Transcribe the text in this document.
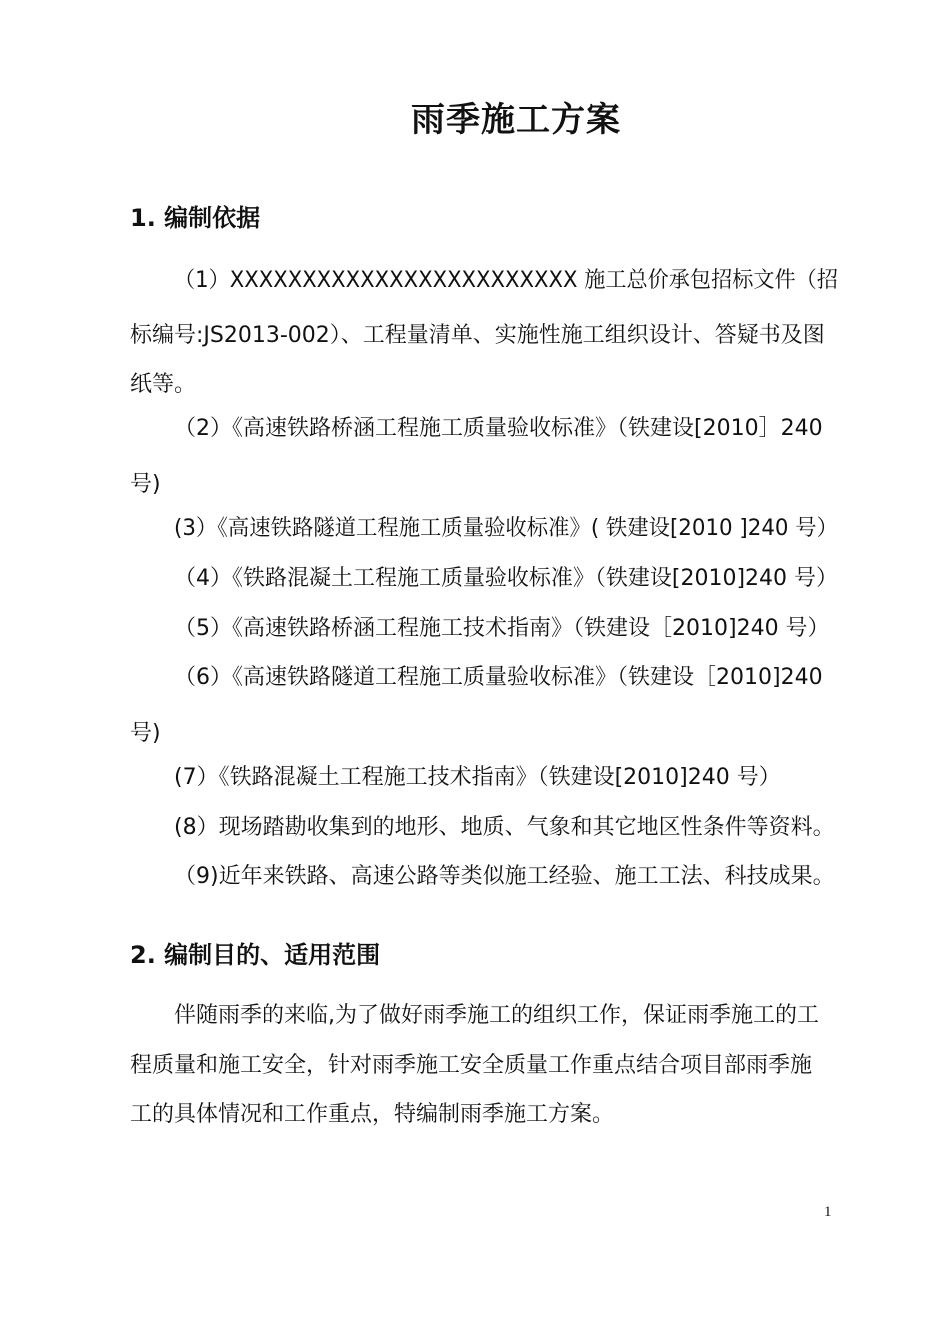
雨季施工方案
1. 编制依据
（1）XXXXXXXXXXXXXXXXXXXXXXXX 施工总价承包招标文件（招
标编号:JS2013-002）、工程量清单、实施性施工组织设计、答疑书及图
纸等。
（2）《高速铁路桥涵工程施工质量验收标准》（铁建设[2010］240
号)
(3）《高速铁路隧道工程施工质量验收标准》( 铁建设[2010 ]240 号）
（4）《铁路混凝土工程施工质量验收标准》（铁建设[2010]240 号）
（5）《高速铁路桥涵工程施工技术指南》（铁建设［2010]240 号）
（6）《高速铁路隧道工程施工质量验收标准》（铁建设［2010]240
号)
(7）《铁路混凝土工程施工技术指南》（铁建设[2010]240 号）
(8）现场踏勘收集到的地形、地质、气象和其它地区性条件等资料。
（9)近年来铁路、高速公路等类似施工经验、施工工法、科技成果。
2. 编制目的、适用范围
伴随雨季的来临,为了做好雨季施工的组织工作，保证雨季施工的工
程质量和施工安全，针对雨季施工安全质量工作重点结合项目部雨季施
工的具体情况和工作重点，特编制雨季施工方案。
1
